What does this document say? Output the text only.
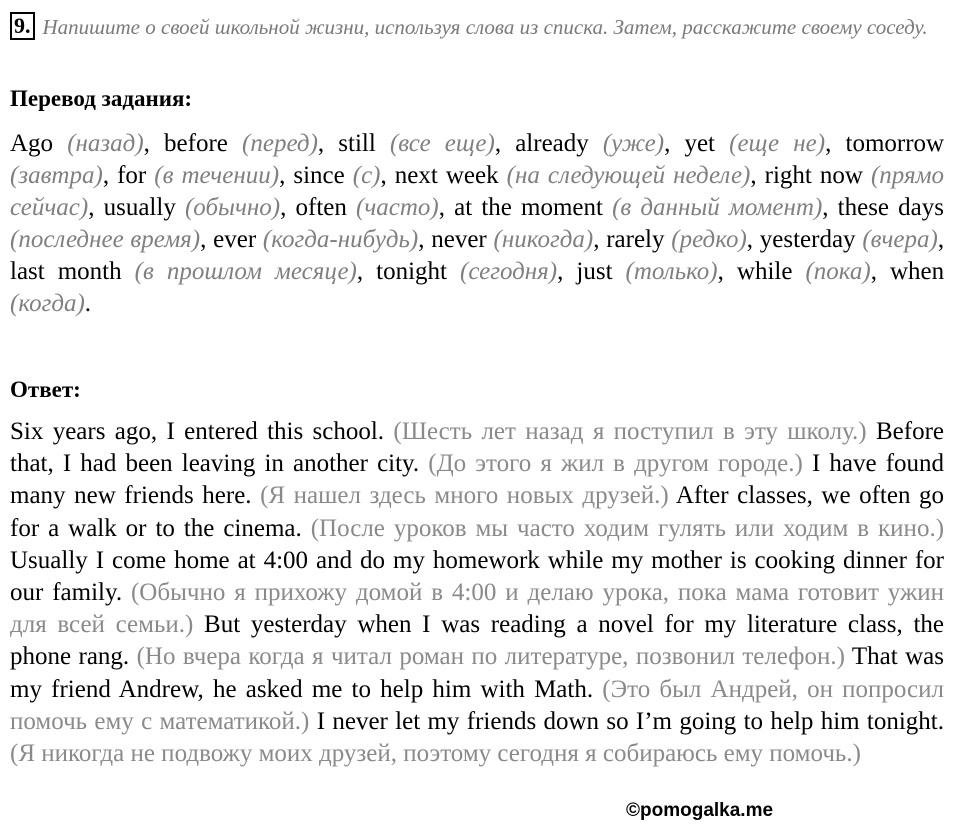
9. Напишите о своей школьной жизни, используя слова из списка. Затем, расскажите своему соседу.
Перевод задания:
Ago (назад), before (перед), still (все еще), already (уже), yet (еще не), tomorrow (завтра), for (в течении), since (с), next week (на следующей неделе), right now (прямо сейчас), usually (обычно), often (часто), at the moment (в данный момент), these days (последнее время), ever (когда-нибудь), never (никогда), rarely (редко), yesterday (вчера), last month (в прошлом месяце), tonight (сегодня), just (только), while (пока), when (когда).
Ответ:
Six years ago, I entered this school. (Шесть лет назад я поступил в эту школу.) Before that, I had been leaving in another city. (До этого я жил в другом городе.) I have found many new friends here. (Я нашел здесь много новых друзей.) After classes, we often go for a walk or to the cinema. (После уроков мы часто ходим гулять или ходим в кино.) Usually I come home at 4:00 and do my homework while my mother is cooking dinner for our family. (Обычно я прихожу домой в 4:00 и делаю урока, пока мама готовит ужин для всей семьи.) But yesterday when I was reading a novel for my literature class, the phone rang. (Но вчера когда я читал роман по литературе, позвонил телефон.) That was my friend Andrew, he asked me to help him with Math. (Это был Андрей, он попросил помочь ему с математикой.) I never let my friends down so I’m going to help him tonight. (Я никогда не подвожу моих друзей, поэтому сегодня я собираюсь ему помочь.)
©pomogalka.me
